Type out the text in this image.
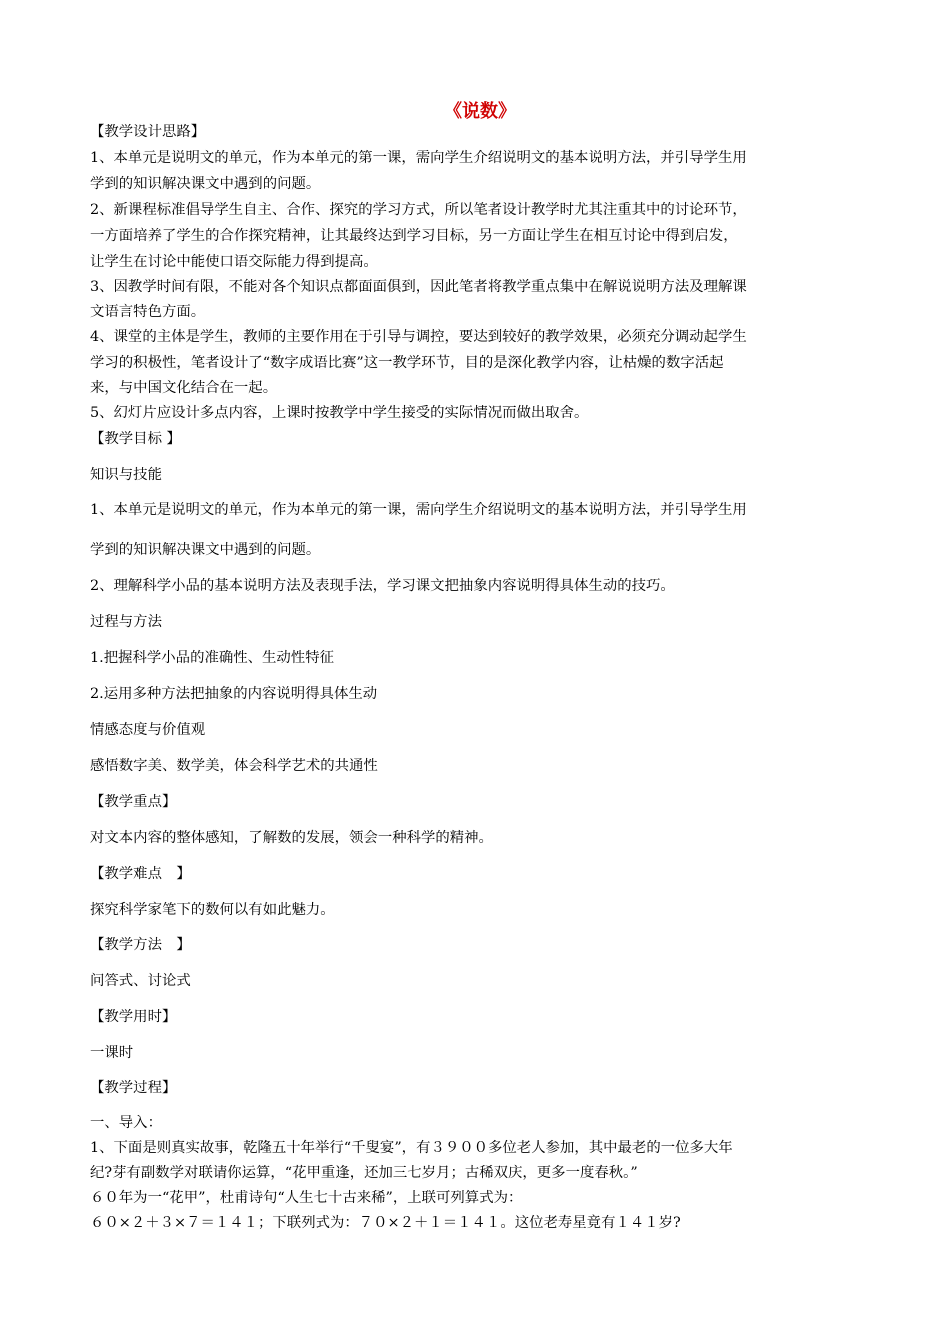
《说数》
【教学设计思路】
1、本单元是说明文的单元，作为本单元的第一课，需向学生介绍说明文的基本说明方法，并引导学生用
学到的知识解决课文中遇到的问题。
2、新课程标准倡导学生自主、合作、探究的学习方式，所以笔者设计教学时尤其注重其中的讨论环节，
一方面培养了学生的合作探究精神，让其最终达到学习目标，另一方面让学生在相互讨论中得到启发，
让学生在讨论中能使口语交际能力得到提高。
3、因教学时间有限，不能对各个知识点都面面俱到，因此笔者将教学重点集中在解说说明方法及理解课
文语言特色方面。
4、课堂的主体是学生，教师的主要作用在于引导与调控，要达到较好的教学效果，必须充分调动起学生
学习的积极性，笔者设计了“数字成语比赛”这一教学环节，目的是深化教学内容，让枯燥的数字活起
来，与中国文化结合在一起。
5、幻灯片应设计多点内容，上课时按教学中学生接受的实际情况而做出取舍。
【教学目标 】
知识与技能
1、本单元是说明文的单元，作为本单元的第一课，需向学生介绍说明文的基本说明方法，并引导学生用
学到的知识解决课文中遇到的问题。
2、理解科学小品的基本说明方法及表现手法，学习课文把抽象内容说明得具体生动的技巧。
过程与方法
1.把握科学小品的准确性、生动性特征
2.运用多种方法把抽象的内容说明得具体生动
情感态度与价值观
感悟数字美、数学美，体会科学艺术的共通性
【教学重点】
对文本内容的整体感知，了解数的发展，领会一种科学的精神。
【教学难点　】
探究科学家笔下的数何以有如此魅力。
【教学方法　】
问答式、讨论式
【教学用时】
一课时
【教学过程】
一、导入：
1、下面是则真实故事，乾隆五十年举行“千叟宴”，有３９００多位老人参加，其中最老的一位多大年
纪?芽有副数学对联请你运算，“花甲重逢，还加三七岁月；古稀双庆，更多一度春秋。”
６０年为一“花甲”，杜甫诗句“人生七十古来稀”，上联可列算式为：
６０×２＋３×７＝１４１；下联列式为：７０×２＋１＝１４１。这位老寿星竟有１４１岁?
